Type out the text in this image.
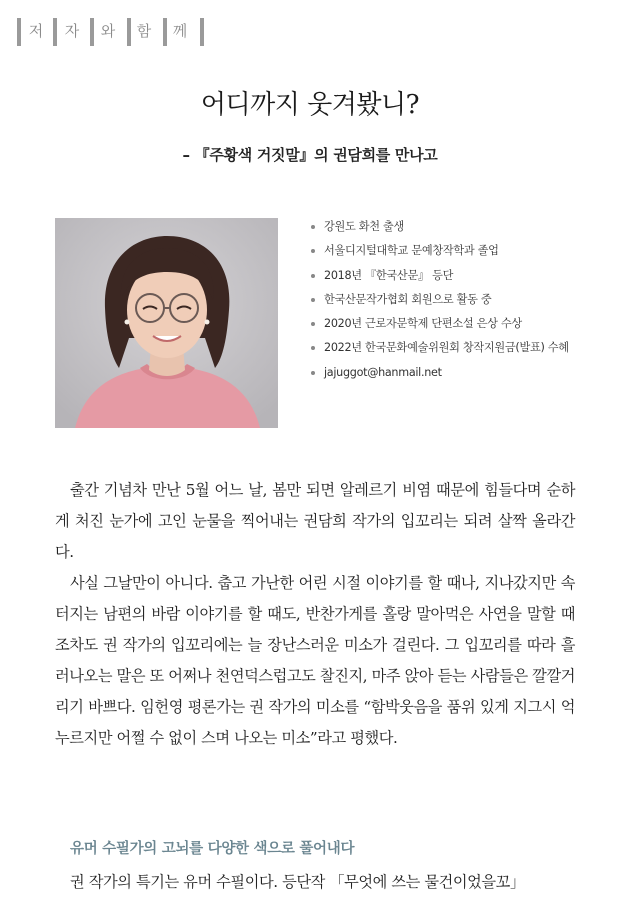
저	자	와	함	께
어디까지 웃겨봤니?
– 『주황색 거짓말』의 권담희를 만나고
강원도 화천 출생
서울디지털대학교 문예창작학과 졸업
2018년 『한국산문』 등단
한국산문작가협회 회원으로 활동 중
2020년 근로자문학제 단편소설 은상 수상
2022년 한국문화예술위원회 창작지원금(발표) 수혜
jajuggot@hanmail.net

출간 기념차 만난 5월 어느 날, 봄만 되면 알레르기 비염 때문에 힘들다며 순하게 처진 눈가에 고인 눈물을 찍어내는 권담희 작가의 입꼬리는 되려 살짝 올라간다.

사실 그날만이 아니다. 춥고 가난한 어린 시절 이야기를 할 때나, 지나갔지만 속 터지는 남편의 바람 이야기를 할 때도, 반찬가게를 홀랑 말아먹은 사연을 말할 때조차도 권 작가의 입꼬리에는 늘 장난스러운 미소가 걸린다. 그 입꼬리를 따라 흘러나오는 말은 또 어쩌나 천연덕스럽고도 찰진지, 마주 앉아 듣는 사람들은 깔깔거리기 바쁘다. 임헌영 평론가는 권 작가의 미소를 “함박웃음을 품위 있게 지그시 억누르지만 어쩔 수 없이 스며 나오는 미소”라고 평했다.

유머 수필가의 고뇌를 다양한 색으로 풀어내다
권 작가의 특기는 유머 수필이다. 등단작 「무엇에 쓰는 물건이었을꼬」
